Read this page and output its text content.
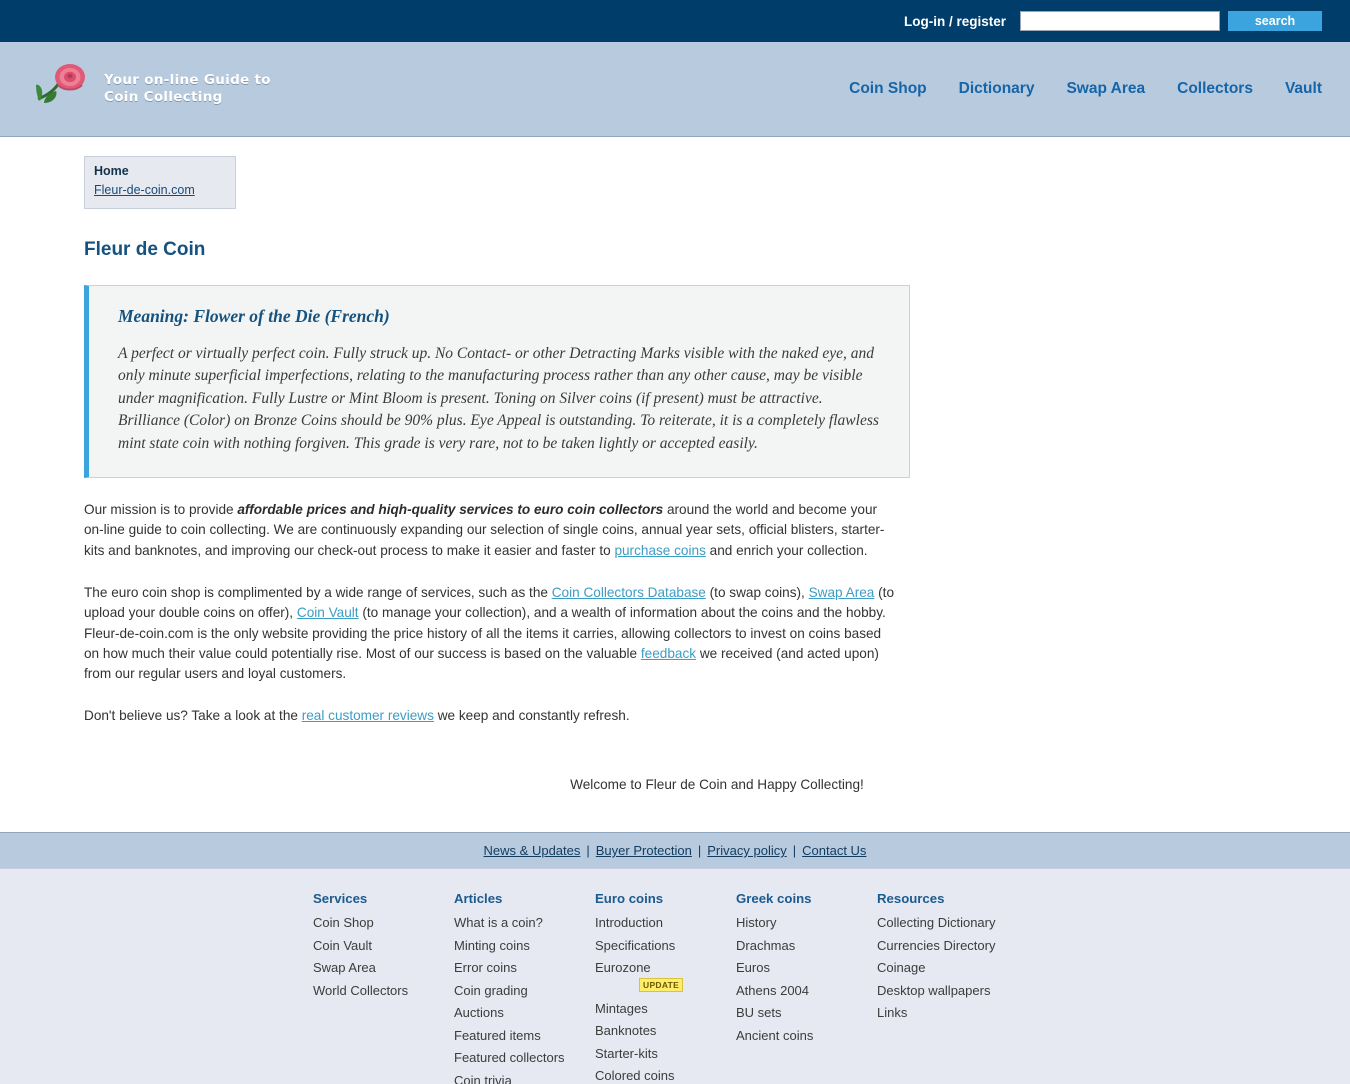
Log-in / register	search
Your on-line Guide to
Coin Collecting	Coin Shop Dictionary Swap Area Collectors Vault
Home
Fleur-de-coin.com
Fleur de Coin
Meaning: Flower of the Die (French)
A perfect or virtually perfect coin. Fully struck up. No Contact- or other Detracting Marks visible with the naked eye, and only minute superficial imperfections, relating to the manufacturing process rather than any other cause, may be visible under magnification. Fully Lustre or Mint Bloom is present. Toning on Silver coins (if present) must be attractive. Brilliance (Color) on Bronze Coins should be 90% plus. Eye Appeal is outstanding. To reiterate, it is a completely flawless mint state coin with nothing forgiven. This grade is very rare, not to be taken lightly or accepted easily.

Our mission is to provide affordable prices and hiqh-quality services to euro coin collectors around the world and become your on-line guide to coin collecting. We are continuously expanding our selection of single coins, annual year sets, official blisters, starter-kits and banknotes, and improving our check-out process to make it easier and faster to purchase coins and enrich your collection.

The euro coin shop is complimented by a wide range of services, such as the Coin Collectors Database (to swap coins), Swap Area (to upload your double coins on offer), Coin Vault (to manage your collection), and a wealth of information about the coins and the hobby. Fleur-de-coin.com is the only website providing the price history of all the items it carries, allowing collectors to invest on coins based on how much their value could potentially rise. Most of our success is based on the valuable feedback we received (and acted upon) from our regular users and loyal customers.

Don't believe us? Take a look at the real customer reviews we keep and constantly refresh.

Welcome to Fleur de Coin and Happy Collecting!
News & Updates | Buyer Protection | Privacy policy | Contact Us
Services
Coin Shop
Coin Vault
Swap Area
World Collectors
Articles
What is a coin?
Minting coins
Error coins
Coin grading
Auctions
Featured items
Featured collectors
Coin trivia
Euro coins
Introduction
Specifications
EurozoneUPDATE
Mintages
Banknotes
Starter-kits
Colored coins
Greek coins
History
Drachmas
Euros
Athens 2004
BU sets
Ancient coins
Resources
Collecting Dictionary
Currencies Directory
Coinage
Desktop wallpapers
Links
